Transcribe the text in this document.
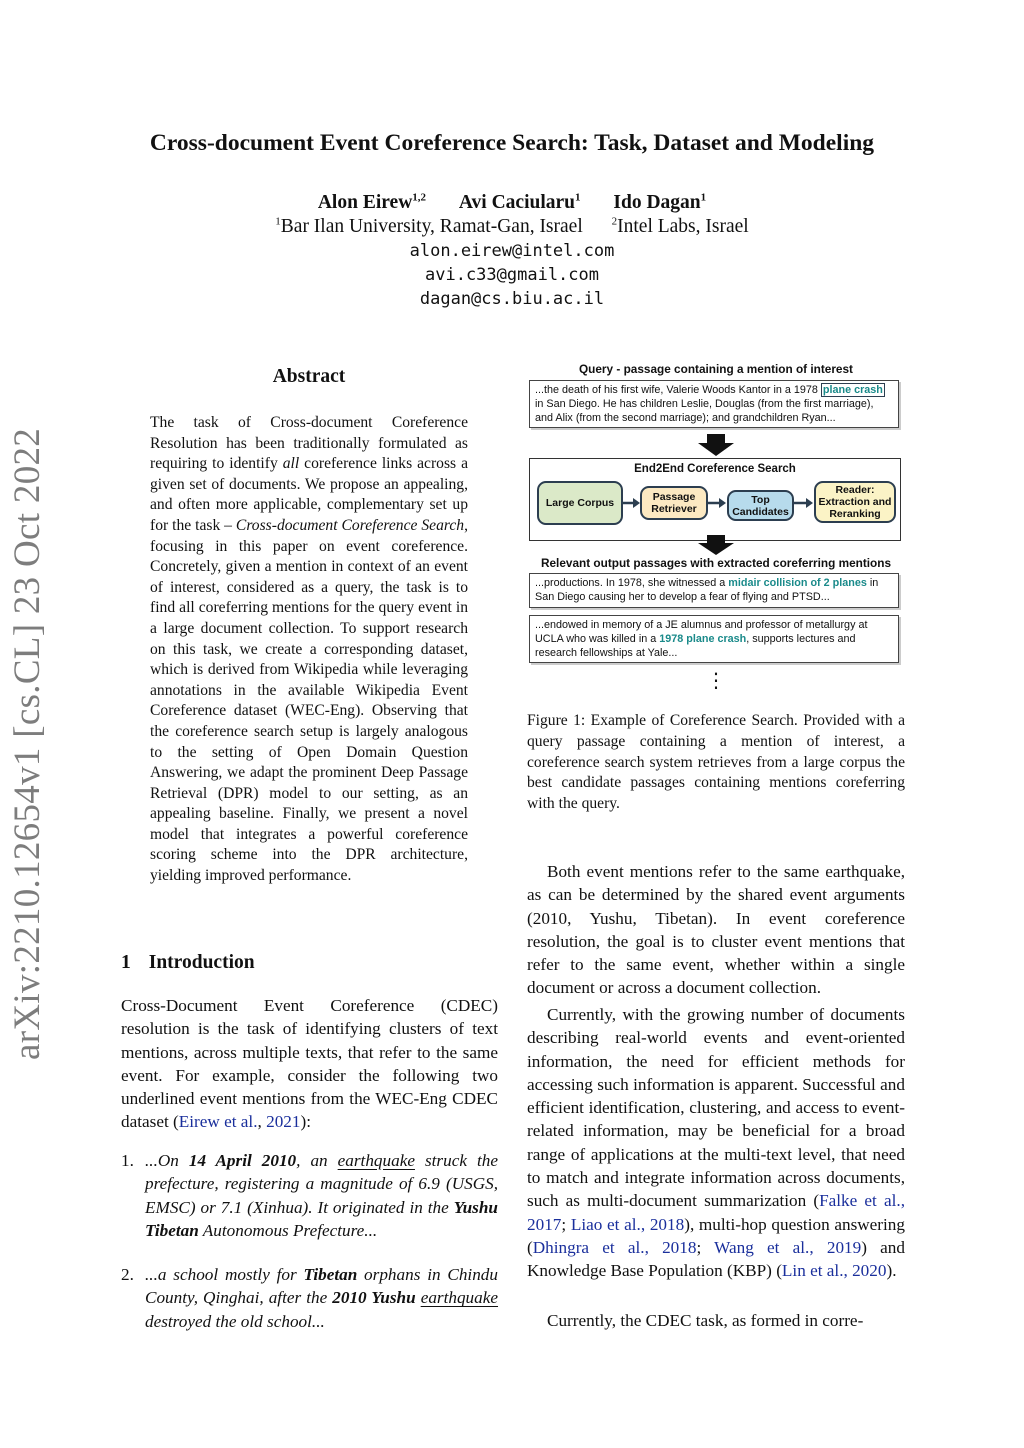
Cross-document Event Coreference Search: Task, Dataset and Modeling
Alon Eirew$^{1,2}$ Avi Caciularu$^1$ Ido Dagan$^1$
$^1$Bar Ilan University, Ramat-Gan, Israel	$^2$Intel Labs, Israel
alon.eirew@intel.com
avi.c33@gmail.com
dagan@cs.biu.ac.il
arXiv:2210.12654v1 [cs.CL] 23 Oct 2022
Abstract
The task of Cross-document Coreference Resolution has been traditionally formulated as requiring to identify all coreference links across a given set of documents. We propose an appealing, and often more applicable, complementary set up for the task – Cross-document Coreference Search, focusing in this paper on event coreference. Concretely, given a mention in context of an event of interest, considered as a query, the task is to find all coreferring mentions for the query event in a large document collection. To support research on this task, we create a corresponding dataset, which is derived from Wikipedia while leveraging annotations in the available Wikipedia Event Coreference dataset (WEC-Eng). Observing that the coreference search setup is largely analogous to the setting of Open Domain Question Answering, we adapt the prominent Deep Passage Retrieval (DPR) model to our setting, as an appealing baseline. Finally, we present a novel model that integrates a powerful coreference scoring scheme into the DPR architecture, yielding improved performance.
1 Introduction
Cross-Document Event Coreference (CDEC) resolution is the task of identifying clusters of text mentions, across multiple texts, that refer to the same event. For example, consider the following two underlined event mentions from the WEC-Eng CDEC dataset (Eirew et al., 2021):
1. ...On 14 April 2010, an earthquake struck the prefecture, registering a magnitude of 6.9 (USGS, EMSC) or 7.1 (Xinhua). It originated in the Yushu Tibetan Autonomous Prefecture...
2. ...a school mostly for Tibetan orphans in Chindu County, Qinghai, after the 2010 Yushu earthquake destroyed the old school...
Query - passage containing a mention of interest
...the death of his first wife, Valerie Woods Kantor in a 1978 plane crash in San Diego. He has children Leslie, Douglas (from the first marriage), and Alix (from the second marriage); and grandchildren Ryan...
End2End Coreference Search
Large Corpus	Passage Retriever
Top Candidates
Reader: Extraction and Reranking
Relevant output passages with extracted coreferring mentions
...productions. In 1978, she witnessed a midair collision of 2 planes in San Diego causing her to develop a fear of flying and PTSD...
...endowed in memory of a JE alumnus and professor of metallurgy at UCLA who was killed in a 1978 plane crash, supports lectures and research fellowships at Yale...
⋮
Figure 1: Example of Coreference Search. Provided with a query passage containing a mention of interest, a coreference search system retrieves from a large corpus the best candidate passages containing mentions coreferring with the query.
Both event mentions refer to the same earthquake, as can be determined by the shared event arguments (2010, Yushu, Tibetan). In event coreference resolution, the goal is to cluster event mentions that refer to the same event, whether within a single document or across a document collection.
Currently, with the growing number of documents describing real-world events and event-oriented information, the need for efficient methods for accessing such information is apparent. Successful and efficient identification, clustering, and access to event-related information, may be beneficial for a broad range of applications at the multi-text level, that need to match and integrate information across documents, such as multi-document summarization (Falke et al., 2017; Liao et al., 2018), multi-hop question answering (Dhingra et al., 2018; Wang et al., 2019) and Knowledge Base Population (KBP) (Lin et al., 2020).
Currently, the CDEC task, as formed in corre-
